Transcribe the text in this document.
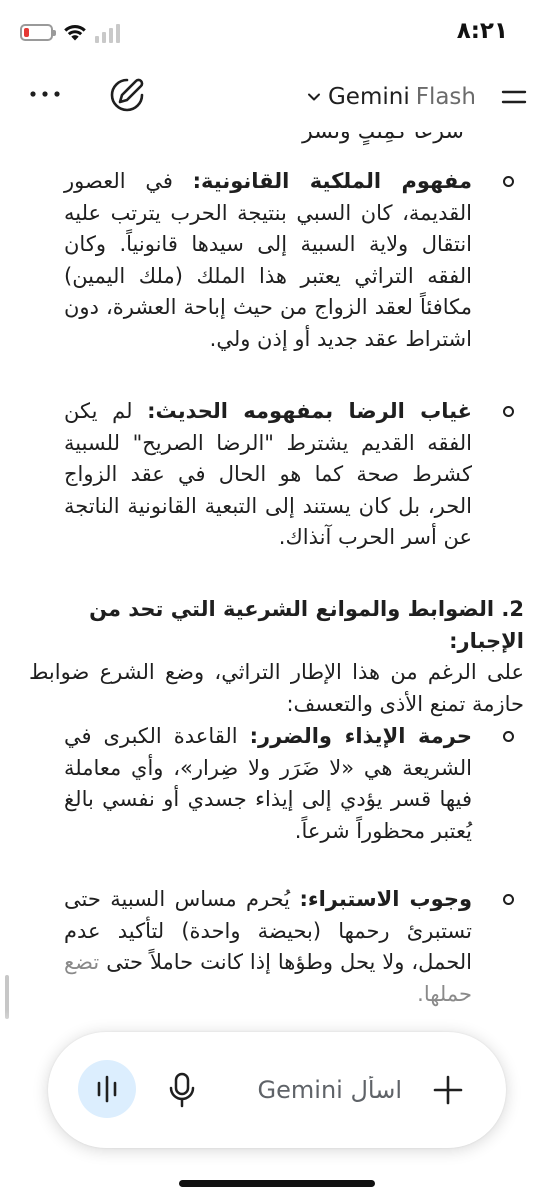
٨:٢١
Gemini Flash

مفهوم الملكية القانونية: في العصور القديمة، كان السبي بنتيجة الحرب يترتب عليه انتقال ولاية السبية إلى سيدها قانونياً. وكان الفقه التراثي يعتبر هذا الملك (ملك اليمين) مكافئاً لعقد الزواج من حيث إباحة العشرة، دون اشتراط عقد جديد أو إذن ولي.

غياب الرضا بمفهومه الحديث: لم يكن الفقه القديم يشترط "الرضا الصريح" للسبية كشرط صحة كما هو الحال في عقد الزواج الحر، بل كان يستند إلى التبعية القانونية الناتجة عن أسر الحرب آنذاك.

2. الضوابط والموانع الشرعية التي تحد من الإجبار:

على الرغم من هذا الإطار التراثي، وضع الشرع ضوابط حازمة تمنع الأذى والتعسف:

حرمة الإيذاء والضرر: القاعدة الكبرى في الشريعة هي «لا ضَرَر ولا ضِرار»، وأي معاملة فيها قسر يؤدي إلى إيذاء جسدي أو نفسي بالغ يُعتبر محظوراً شرعاً.

وجوب الاستبراء: يُحرم مساس السبية حتى تستبرئ رحمها (بحيضة واحدة) لتأكيد عدم الحمل، ولا يحل وطؤها إذا كانت حاملاً حتى تضع حملها.

اسأل Gemini
